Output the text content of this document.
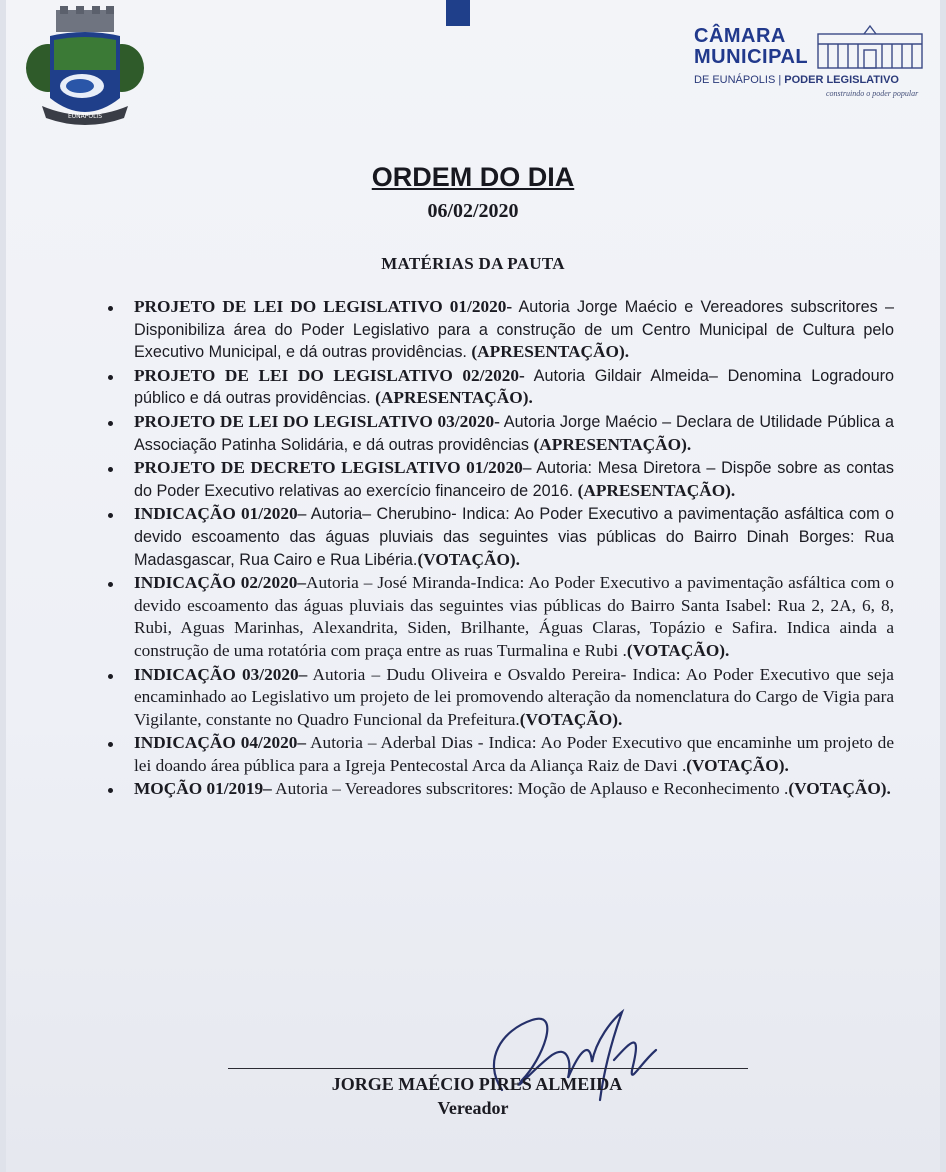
EUNÁPOLIS
CÂMARA
MUNICIPAL
DE EUNÁPOLIS | PODER LEGISLATIVO
construindo o poder popular
ORDEM DO DIA
06/02/2020
MATÉRIAS DA PAUTA
PROJETO DE LEI DO LEGISLATIVO 01/2020- Autoria Jorge Maécio e Vereadores subscritores – Disponibiliza área do Poder Legislativo para a construção de um Centro Municipal de Cultura pelo Executivo Municipal, e dá outras providências. (APRESENTAÇÃO).
PROJETO DE LEI DO LEGISLATIVO 02/2020- Autoria Gildair Almeida– Denomina Logradouro público e dá outras providências. (APRESENTAÇÃO).
PROJETO DE LEI DO LEGISLATIVO 03/2020- Autoria Jorge Maécio – Declara de Utilidade Pública a Associação Patinha Solidária, e dá outras providências (APRESENTAÇÃO).
PROJETO DE DECRETO LEGISLATIVO 01/2020– Autoria: Mesa Diretora – Dispõe sobre as contas do Poder Executivo relativas ao exercício financeiro de 2016. (APRESENTAÇÃO).
INDICAÇÃO 01/2020– Autoria– Cherubino- Indica: Ao Poder Executivo a pavimentação asfáltica com o devido escoamento das águas pluviais das seguintes vias públicas do Bairro Dinah Borges: Rua Madasgascar, Rua Cairo e Rua Libéria.(VOTAÇÃO).
INDICAÇÃO 02/2020–Autoria – José Miranda-Indica: Ao Poder Executivo a pavimentação asfáltica com o devido escoamento das águas pluviais das seguintes vias públicas do Bairro Santa Isabel: Rua 2, 2A, 6, 8, Rubi, Aguas Marinhas, Alexandrita, Siden, Brilhante, Águas Claras, Topázio e Safira. Indica ainda a construção de uma rotatória com praça entre as ruas Turmalina e Rubi .(VOTAÇÃO).
INDICAÇÃO 03/2020– Autoria – Dudu Oliveira e Osvaldo Pereira- Indica: Ao Poder Executivo que seja encaminhado ao Legislativo um projeto de lei promovendo alteração da nomenclatura do Cargo de Vigia para Vigilante, constante no Quadro Funcional da Prefeitura.(VOTAÇÃO).
INDICAÇÃO 04/2020– Autoria – Aderbal Dias - Indica: Ao Poder Executivo que encaminhe um projeto de lei doando área pública para a Igreja Pentecostal Arca da Aliança Raiz de Davi .(VOTAÇÃO).
MOÇÃO 01/2019– Autoria – Vereadores subscritores: Moção de Aplauso e Reconhecimento .(VOTAÇÃO).
JORGE MAÉCIO PIRES ALMEIDA
Vereador
